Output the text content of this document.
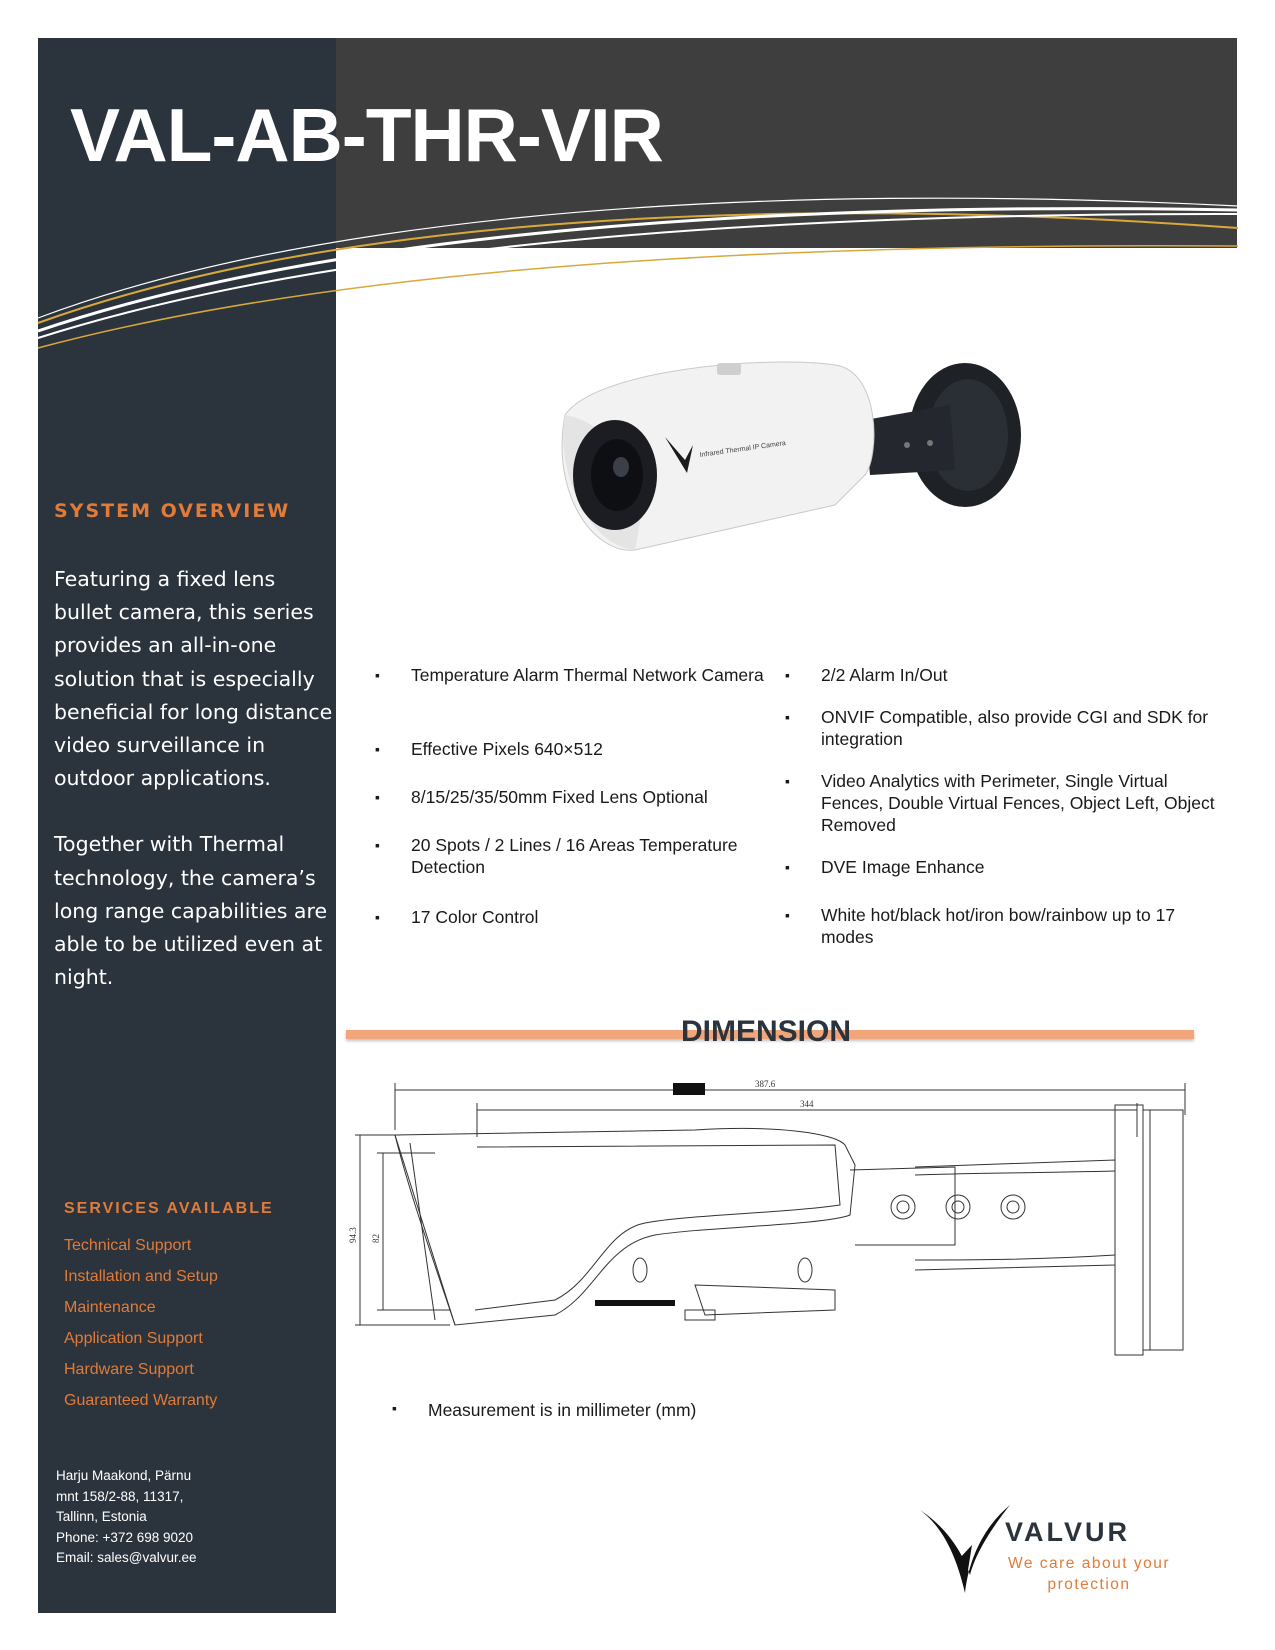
VAL-AB-THR-VIR
SYSTEM OVERVIEW

Featuring a fixed lens bullet camera, this series provides an all-in-one solution that is especially beneficial for long distance video surveillance in outdoor applications.

Together with Thermal technology, the camera’s long range capabilities are able to be utilized even at night.

SERVICES AVAILABLE
Technical Support
Installation and Setup
Maintenance
Application Support
Hardware Support
Guaranteed Warranty
Harju Maakond, Pärnu
mnt 158/2-88, 11317,
Tallinn, Estonia
Phone: +372 698 9020
Email: sales@valvur.ee
Infrared Thermal IP Camera
▪ Temperature Alarm Thermal Network Camera
▪ Effective Pixels 640×512
▪ 8/15/25/35/50mm Fixed Lens Optional
▪ 20 Spots / 2 Lines / 16 Areas Temperature Detection
▪ 17 Color Control
▪ 2/2 Alarm In/Out
▪ ONVIF Compatible, also provide CGI and SDK for integration
▪ Video Analytics with Perimeter, Single Virtual Fences, Double Virtual Fences, Object Left, Object Removed
▪ DVE Image Enhance
▪ White hot/black hot/iron bow/rainbow up to 17 modes
DIMENSION
387.6
344
94.3 82
▪ Measurement is in millimeter (mm)
VALVUR
We care about your protection
